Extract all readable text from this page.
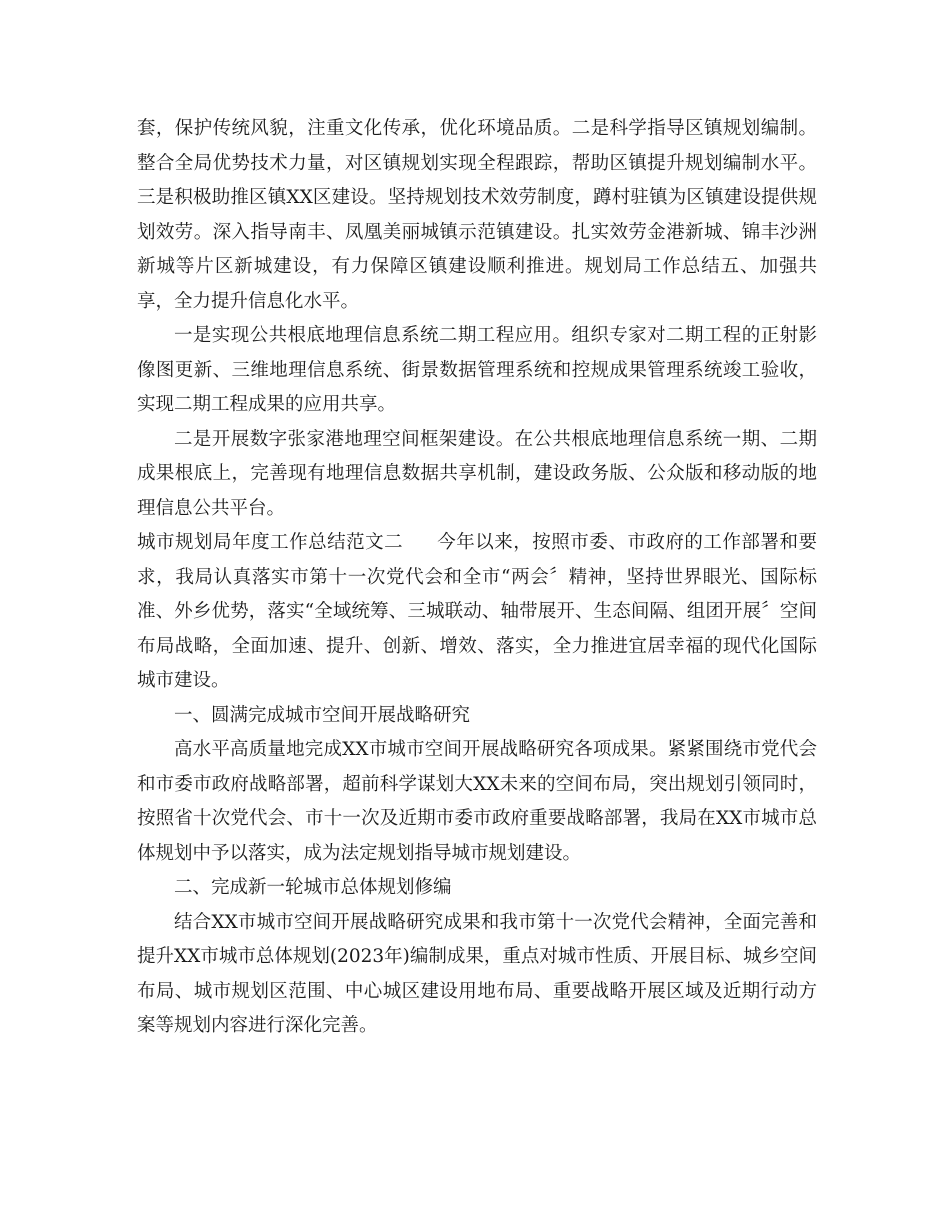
套，保护传统风貌，注重文化传承，优化环境品质。二是科学指导区镇规划编制。整合全局优势技术力量，对区镇规划实现全程跟踪，帮助区镇提升规划编制水平。三是积极助推区镇XX区建设。坚持规划技术效劳制度，蹲村驻镇为区镇建设提供规划效劳。深入指导南丰、凤凰美丽城镇示范镇建设。扎实效劳金港新城、锦丰沙洲新城等片区新城建设，有力保障区镇建设顺利推进。规划局工作总结五、加强共享，全力提升信息化水平。

一是实现公共根底地理信息系统二期工程应用。组织专家对二期工程的正射影像图更新、三维地理信息系统、街景数据管理系统和控规成果管理系统竣工验收，实现二期工程成果的应用共享。

二是开展数字张家港地理空间框架建设。在公共根底地理信息系统一期、二期成果根底上，完善现有地理信息数据共享机制，建设政务版、公众版和移动版的地理信息公共平台。

城市规划局年度工作总结范文二 今年以来，按照市委、市政府的工作部署和要求，我局认真落实市第十一次党代会和全市“两会〞精神，坚持世界眼光、国际标准、外乡优势，落实“全域统筹、三城联动、轴带展开、生态间隔、组团开展〞空间布局战略，全面加速、提升、创新、增效、落实，全力推进宜居幸福的现代化国际城市建设。

一、圆满完成城市空间开展战略研究

高水平高质量地完成XX市城市空间开展战略研究各项成果。紧紧围绕市党代会和市委市政府战略部署，超前科学谋划大XX未来的空间布局，突出规划引领同时，按照省十次党代会、市十一次及近期市委市政府重要战略部署，我局在XX市城市总体规划中予以落实，成为法定规划指导城市规划建设。

二、完成新一轮城市总体规划修编

结合XX市城市空间开展战略研究成果和我市第十一次党代会精神，全面完善和提升XX市城市总体规划(2023年)编制成果，重点对城市性质、开展目标、城乡空间布局、城市规划区范围、中心城区建设用地布局、重要战略开展区域及近期行动方案等规划内容进行深化完善。
